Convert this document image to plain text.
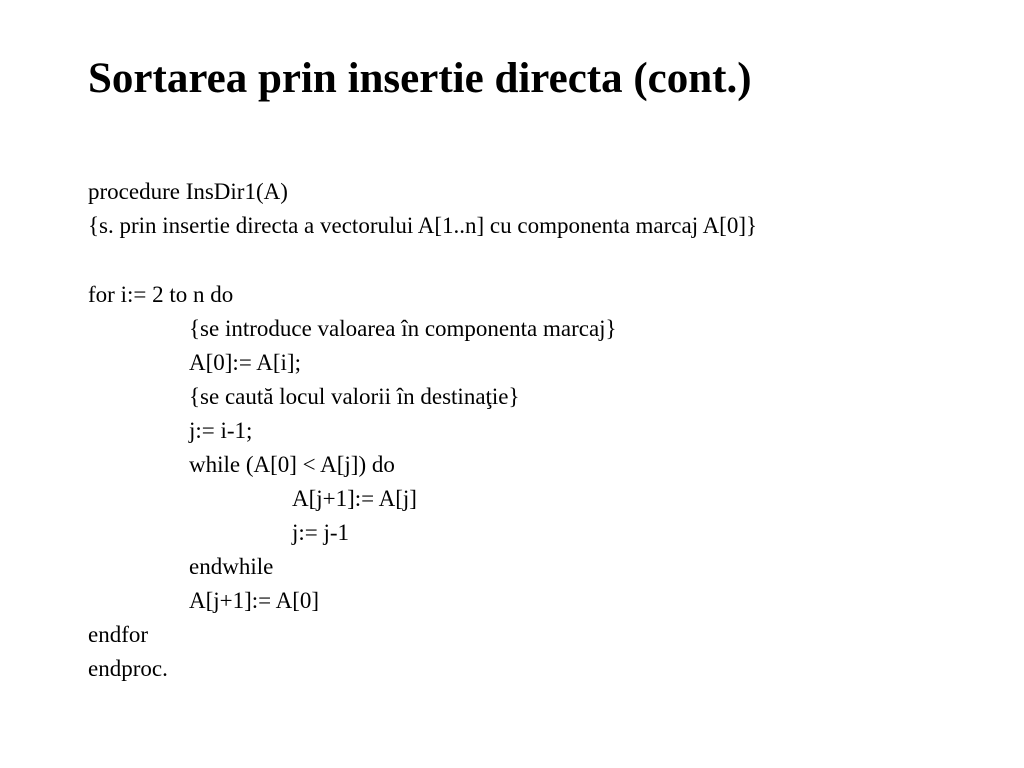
Sortarea prin insertie directa (cont.)
procedure InsDir1(A)
{s. prin insertie directa a vectorului A[1..n] cu componenta marcaj A[0]}
for i:= 2 to n do
{se introduce valoarea în componenta marcaj}
A[0]:= A[i];
{se caută locul valorii în destinaţie}
j:= i-1;
while (A[0] < A[j]) do
A[j+1]:= A[j]
j:= j-1
endwhile
A[j+1]:= A[0]
endfor
endproc.
